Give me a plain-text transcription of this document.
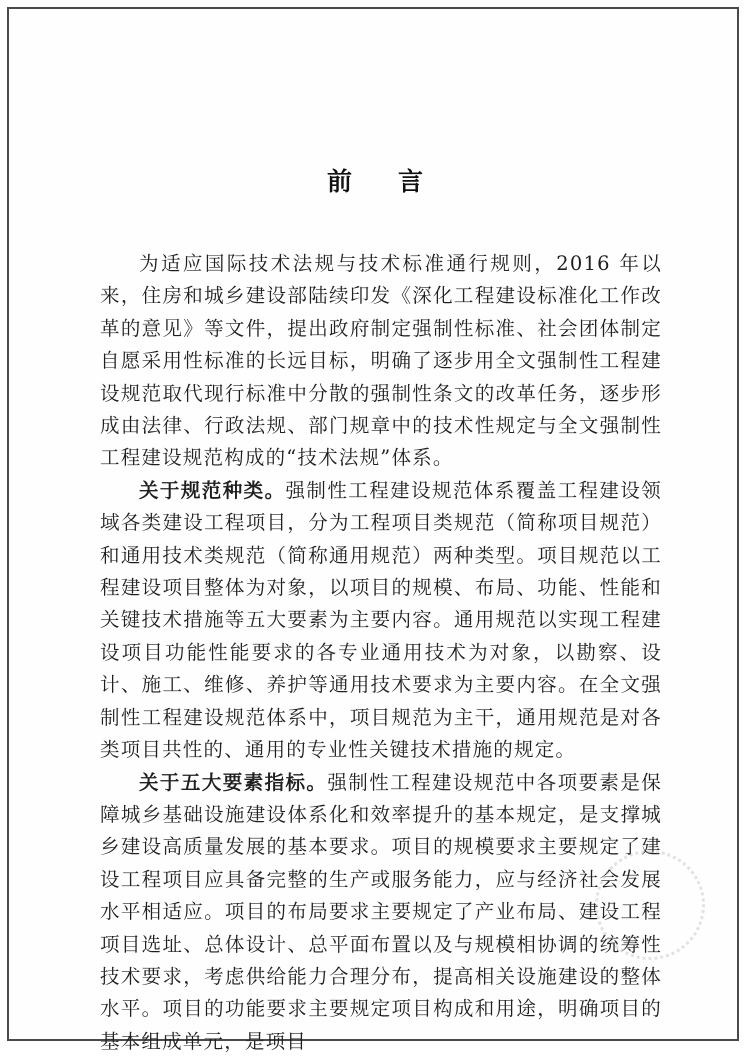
前言

为适应国际技术法规与技术标准通行规则，2016 年以来，住房和城乡建设部陆续印发《深化工程建设标准化工作改革的意见》等文件，提出政府制定强制性标准、社会团体制定自愿采用性标准的长远目标，明确了逐步用全文强制性工程建设规范取代现行标准中分散的强制性条文的改革任务，逐步形成由法律、行政法规、部门规章中的技术性规定与全文强制性工程建设规范构成的“技术法规”体系。

关于规范种类。强制性工程建设规范体系覆盖工程建设领域各类建设工程项目，分为工程项目类规范（简称项目规范）和通用技术类规范（简称通用规范）两种类型。项目规范以工程建设项目整体为对象，以项目的规模、布局、功能、性能和关键技术措施等五大要素为主要内容。通用规范以实现工程建设项目功能性能要求的各专业通用技术为对象，以勘察、设计、施工、维修、养护等通用技术要求为主要内容。在全文强制性工程建设规范体系中，项目规范为主干，通用规范是对各类项目共性的、通用的专业性关键技术措施的规定。

关于五大要素指标。强制性工程建设规范中各项要素是保障城乡基础设施建设体系化和效率提升的基本规定，是支撑城乡建设高质量发展的基本要求。项目的规模要求主要规定了建设工程项目应具备完整的生产或服务能力，应与经济社会发展水平相适应。项目的布局要求主要规定了产业布局、建设工程项目选址、总体设计、总平面布置以及与规模相协调的统筹性技术要求，考虑供给能力合理分布，提高相关设施建设的整体水平。项目的功能要求主要规定项目构成和用途，明确项目的基本组成单元，是项目
